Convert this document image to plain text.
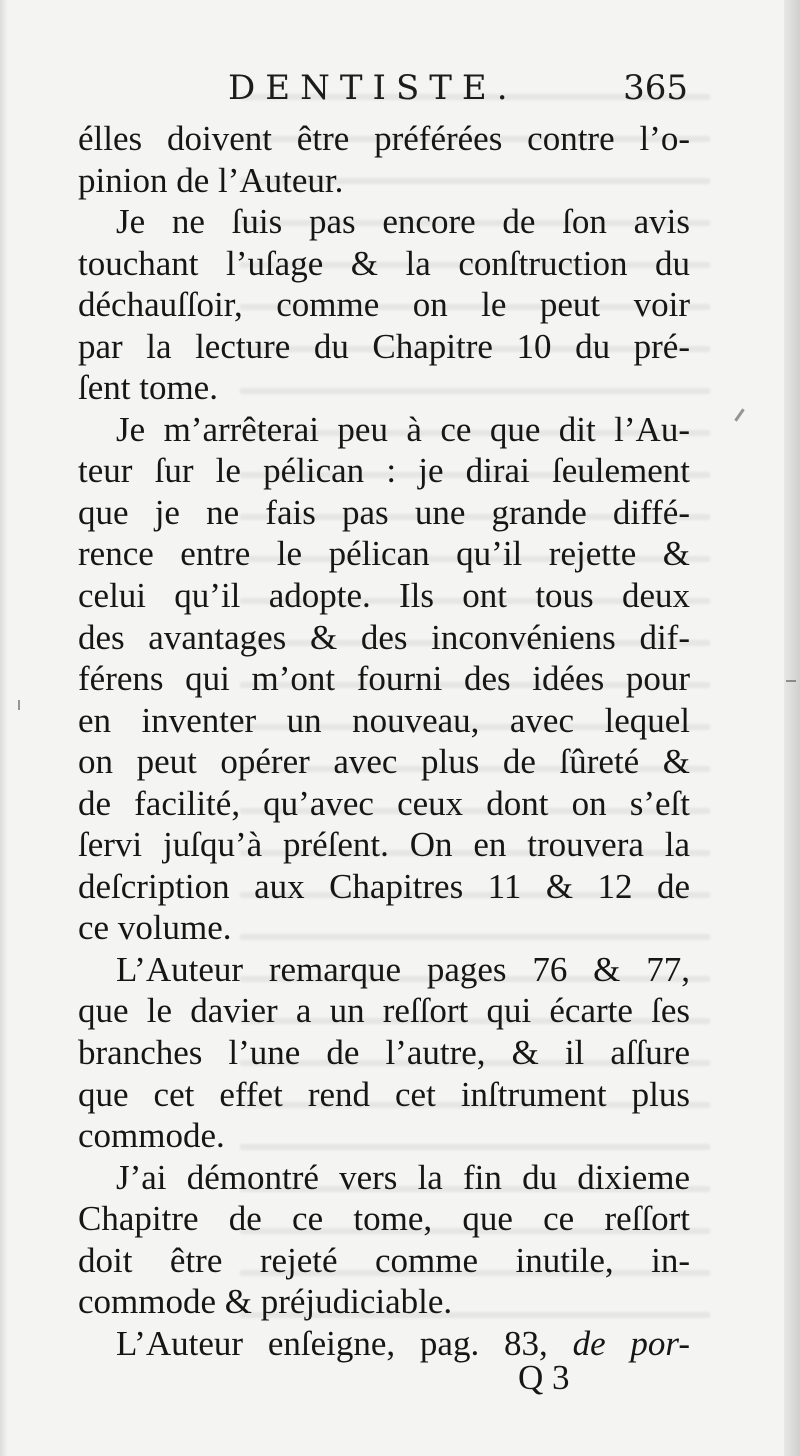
DENTISTE.	365
élles doivent être préférées contre l’o-
pinion de l’Auteur.
Je ne ſuis pas encore de ſon avis
touchant l’uſage & la conſtruction du
déchauſſoir, comme on le peut voir
par la lecture du Chapitre 10 du pré-
ſent tome.
Je m’arrêterai peu à ce que dit l’Au-
teur ſur le pélican : je dirai ſeulement
que je ne fais pas une grande diffé-
rence entre le pélican qu’il rejette &
celui qu’il adopte. Ils ont tous deux
des avantages & des inconvéniens dif-
férens qui m’ont fourni des idées pour
en inventer un nouveau, avec lequel
on peut opérer avec plus de ſûreté &
de facilité, qu’avec ceux dont on s’eſt
ſervi juſqu’à préſent. On en trouvera la
deſcription aux Chapitres 11 & 12 de
ce volume.
L’Auteur remarque pages 76 & 77,
que le davier a un reſſort qui écarte ſes
branches l’une de l’autre, & il aſſure
que cet effet rend cet inſtrument plus
commode.
J’ai démontré vers la fin du dixieme
Chapitre de ce tome, que ce reſſort
doit être rejeté comme inutile, in-
commode & préjudiciable.
L’Auteur enſeigne, pag. 83, de por-
Q 3
